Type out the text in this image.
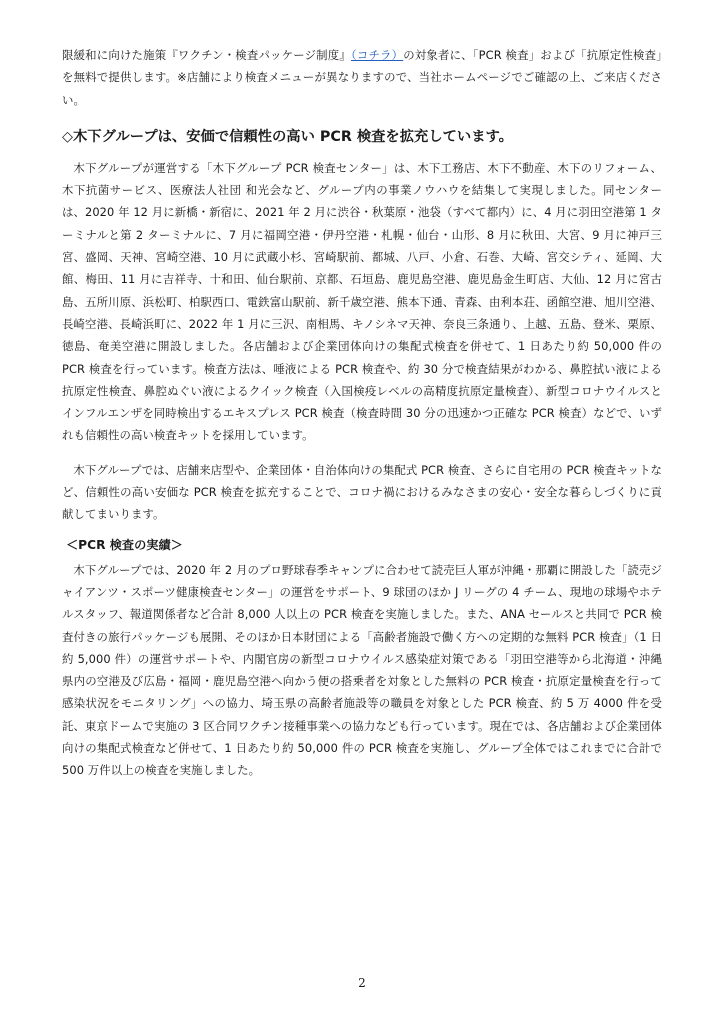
限緩和に向けた施策『ワクチン・検査パッケージ制度』（コチラ）の対象者に、「PCR 検査」および「抗原定性検査」を無料で提供します。※店舗により検査メニューが異なりますので、当社ホームページでご確認の上、ご来店ください。

◇木下グループは、安価で信頼性の高い PCR 検査を拡充しています。

木下グループが運営する「木下グループ PCR 検査センター」は、木下工務店、木下不動産、木下のリフォーム、木下抗菌サービス、医療法人社団 和光会など、グループ内の事業ノウハウを結集して実現しました。同センターは、2020 年 12 月に新橋・新宿に、2021 年 2 月に渋谷・秋葉原・池袋（すべて都内）に、4 月に羽田空港第 1 ターミナルと第 2 ターミナルに、7 月に福岡空港・伊丹空港・札幌・仙台・山形、8 月に秋田、大宮、9 月に神戸三宮、盛岡、天神、宮崎空港、10 月に武蔵小杉、宮崎駅前、都城、八戸、小倉、石巻、大崎、宮交シティ、延岡、大館、梅田、11 月に吉祥寺、十和田、仙台駅前、京都、石垣島、鹿児島空港、鹿児島金生町店、大仙、12 月に宮古島、五所川原、浜松町、柏駅西口、電鉄富山駅前、新千歳空港、熊本下通、青森、由利本荘、函館空港、旭川空港、長崎空港、長崎浜町に、2022 年 1 月に三沢、南相馬、キノシネマ天神、奈良三条通り、上越、五島、登米、栗原、徳島、奄美空港に開設しました。各店舗および企業団体向けの集配式検査を併せて、1 日あたり約 50,000 件の PCR 検査を行っています。検査方法は、唾液による PCR 検査や、約 30 分で検査結果がわかる、鼻腔拭い液による抗原定性検査、鼻腔ぬぐい液によるクイック検査（入国検疫レベルの高精度抗原定量検査）、新型コロナウイルスとインフルエンザを同時検出するエキスプレス PCR 検査（検査時間 30 分の迅速かつ正確な PCR 検査）などで、いずれも信頼性の高い検査キットを採用しています。

木下グループでは、店舗来店型や、企業団体・自治体向けの集配式 PCR 検査、さらに自宅用の PCR 検査キットなど、信頼性の高い安価な PCR 検査を拡充することで、コロナ禍におけるみなさまの安心・安全な暮らしづくりに貢献してまいります。

＜PCR 検査の実績＞

木下グループでは、2020 年 2 月のプロ野球春季キャンプに合わせて読売巨人軍が沖縄・那覇に開設した「読売ジャイアンツ・スポーツ健康検査センター」の運営をサポート、9 球団のほか J リーグの 4 チーム、現地の球場やホテルスタッフ、報道関係者など合計 8,000 人以上の PCR 検査を実施しました。また、ANA セールスと共同で PCR 検査付きの旅行パッケージも展開、そのほか日本財団による「高齢者施設で働く方への定期的な無料 PCR 検査」（1 日約 5,000 件）の運営サポートや、内閣官房の新型コロナウイルス感染症対策である「羽田空港等から北海道・沖縄県内の空港及び広島・福岡・鹿児島空港へ向かう便の搭乗者を対象とした無料の PCR 検査・抗原定量検査を行って感染状況をモニタリング」への協力、埼玉県の高齢者施設等の職員を対象とした PCR 検査、約 5 万 4000 件を受託、東京ドームで実施の 3 区合同ワクチン接種事業への協力なども行っています。現在では、各店舗および企業団体向けの集配式検査など併せて、1 日あたり約 50,000 件の PCR 検査を実施し、グループ全体ではこれまでに合計で 500 万件以上の検査を実施しました。

2
